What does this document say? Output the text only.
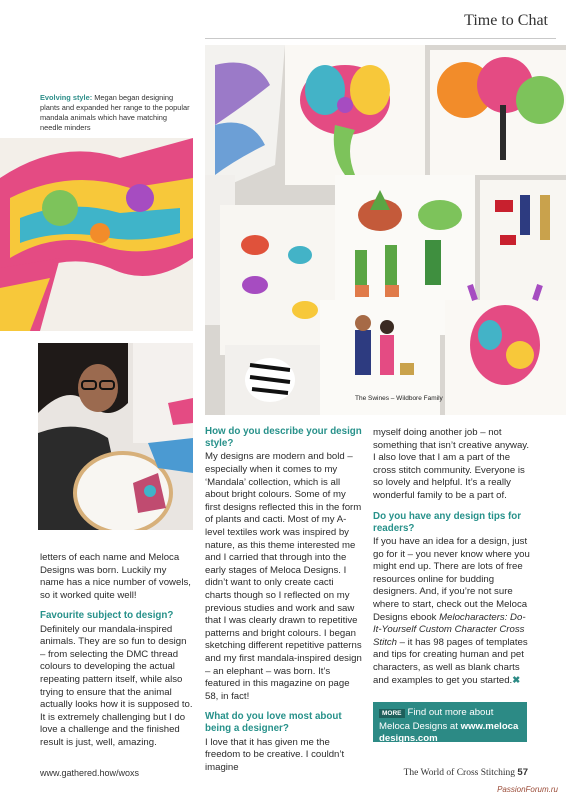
Time to Chat
Evolving style: Megan began designing plants and expanded her range to the popular mandala animals which have matching needle minders
The Swines – Wildbore Family

letters of each name and Meloca Designs was born. Luckily my name has a nice number of vowels, so it worked quite well!

Favourite subject to design?

Definitely our mandala-inspired animals. They are so fun to design – from selecting the DMC thread colours to developing the actual repeating pattern itself, while also trying to ensure that the animal actually looks how it is supposed to. It is extremely challenging but I do love a challenge and the finished result is just, well, amazing.

How do you describe your design style?

My designs are modern and bold – especially when it comes to my ‘Mandala’ collection, which is all about bright colours. Some of my first designs reflected this in the form of plants and cacti. Most of my A-level textiles work was inspired by nature, as this theme interested me and I carried that through into the early stages of Meloca Designs. I didn’t want to only create cacti charts though so I reflected on my previous studies and work and saw that I was clearly drawn to repetitive patterns and bright colours. I began sketching different repetitive patterns and my first mandala-inspired design – an elephant – was born. It’s featured in this magazine on page 58, in fact!

What do you love most about being a designer?

I love that it has given me the freedom to be creative. I couldn’t imagine

myself doing another job – not something that isn’t creative anyway. I also love that I am a part of the cross stitch community. Everyone is so lovely and helpful. It’s a really wonderful family to be a part of.

Do you have any design tips for readers?

If you have an idea for a design, just go for it – you never know where you might end up. There are lots of free resources online for budding designers. And, if you’re not sure where to start, check out the Meloca Designs ebook Melocharacters: Do-It-Yourself Custom Character Cross Stitch – it has 98 pages of templates and tips for creating human and pet characters, as well as blank charts and examples to get you started.✖

MORE Find out more about Meloca Designs at www.meloca designs.com
www.gathered.how/woxs	The World of Cross Stitching 57
PassionForum.ru
